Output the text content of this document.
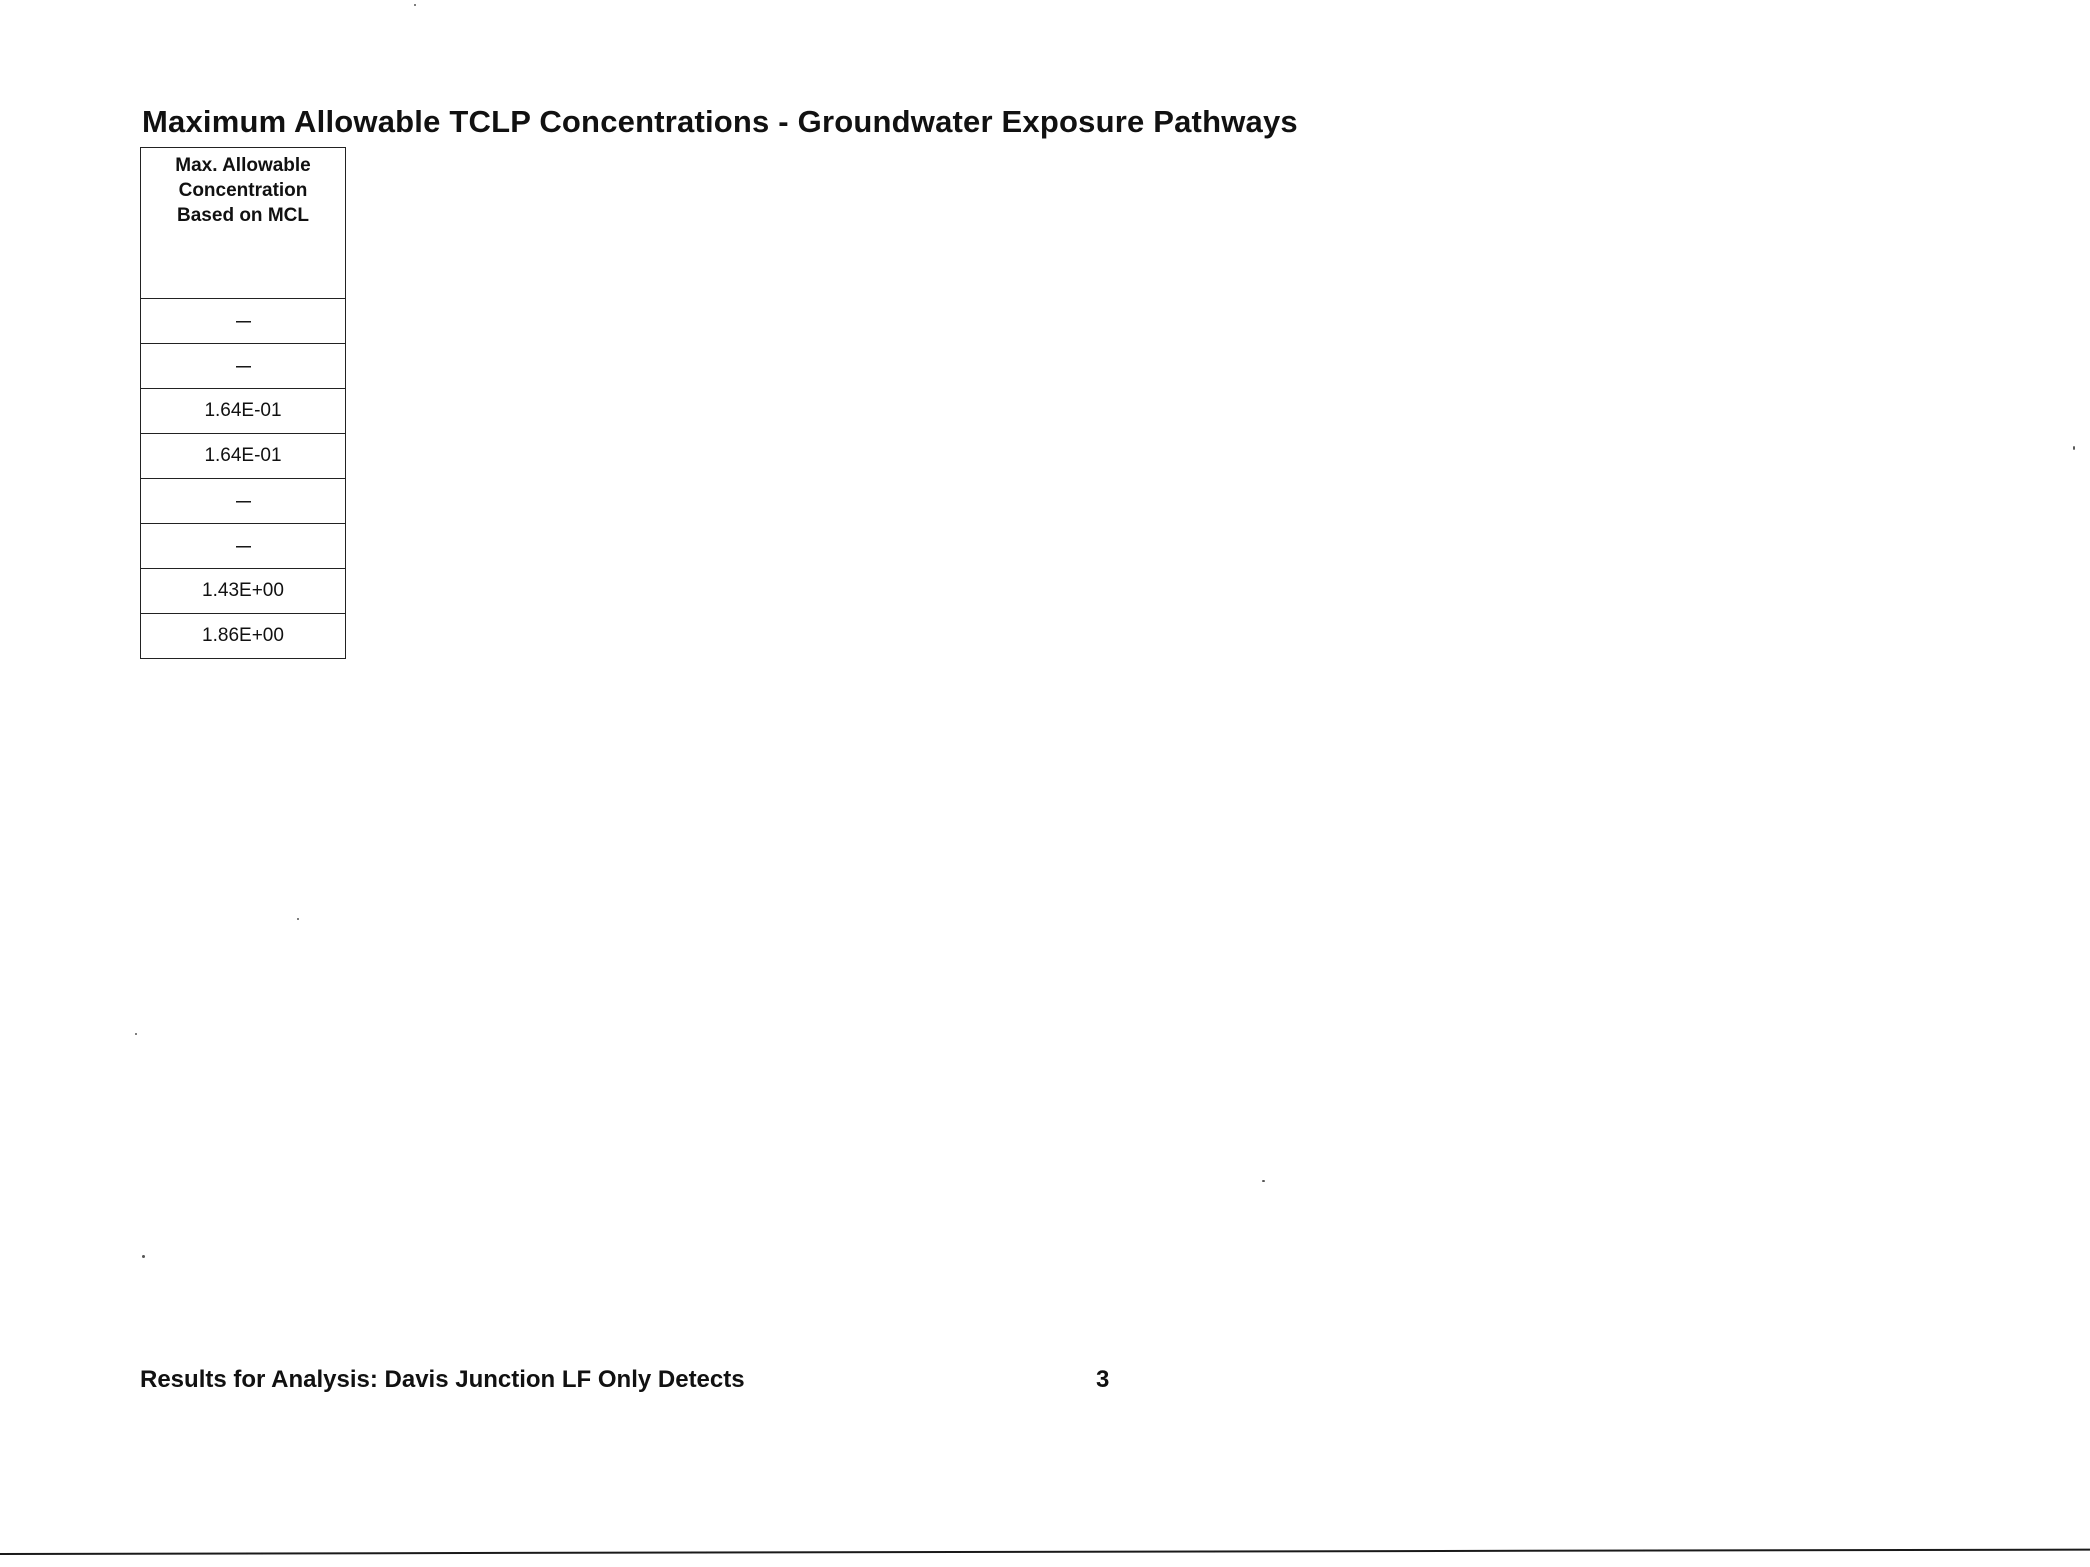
Maximum Allowable TCLP Concentrations - Groundwater Exposure Pathways
Max. Allowable
Concentration
Based on MCL

—
—
1.64E-01
1.64E-01
—
—
1.43E+00
1.86E+00
Results for Analysis: Davis Junction LF Only Detects	3
